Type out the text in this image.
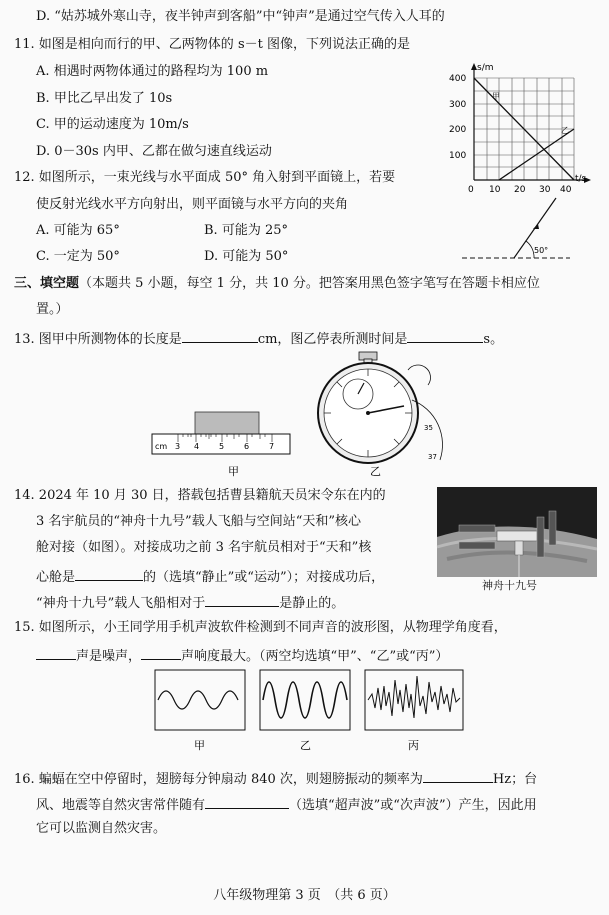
D. “姑苏城外寒山寺，夜半钟声到客船”中“钟声”是通过空气传入人耳的
11. 如图是相向而行的甲、乙两物体的 s－t 图像，下列说法正确的是
A. 相遇时两物体通过的路程均为 100 m
B. 甲比乙早出发了 10s
C. 甲的运动速度为 10m/s
D. 0－30s 内甲、乙都在做匀速直线运动
s/m
t/s
400
300
200
100
0 10 20 30 40
甲
乙
12. 如图所示，一束光线与水平面成 50° 角入射到平面镜上，若要
使反射光线水平方向射出，则平面镜与水平方向的夹角
A. 可能为 65°	B. 可能为 25°
C. 一定为 50°	D. 可能为 50°	50°
三、填空题（本题共 5 小题，每空 1 分，共 10 分。把答案用黑色签字笔写在答题卡相应位
置。）
13. 图甲中所测物体的长度是	cm，图乙停表所测时间是	s。
cm 3 4 5 6 7
甲
35
37
乙
14. 2024 年 10 月 30 日，搭载包括曹县籍航天员宋令东在内的
3 名宇航员的“神舟十九号”载人飞船与空间站“天和”核心
舱对接（如图）。对接成功之前 3 名宇航员相对于“天和”核
心舱是	的（选填“静止”或“运动”）；对接成功后，
“神舟十九号”载人飞船相对于	是静止的。
神舟十九号
15. 如图所示，小王同学用手机声波软件检测到不同声音的波形图，从物理学角度看，
声是噪声，	声响度最大。（两空均选填“甲”、“乙”或“丙”）
甲	乙	丙
16. 蝙蝠在空中停留时，翅膀每分钟扇动 840 次，则翅膀振动的频率为	Hz；台
风、地震等自然灾害常伴随有	（选填“超声波”或“次声波”）产生，因此用
它可以监测自然灾害。
八年级物理第 3 页　（共 6 页）
